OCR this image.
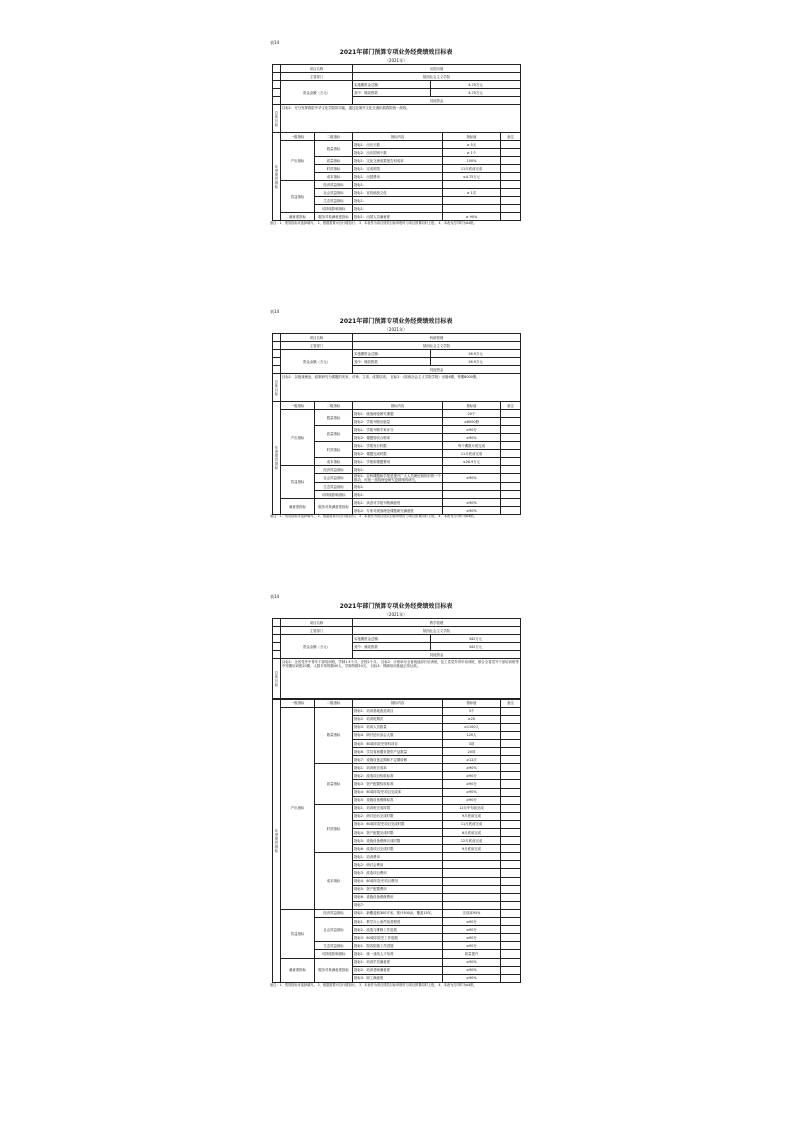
表14
2021年部门预算专项业务经费绩效目标表
（2021年）
	项目名称	出国出境	
	主管部门	陕西社会主义学院	
	资金金额（万元）	实施期资金总额：	4.75万元
		其中：财政拨款	4.75万元
		其他资金	
总体目标	目标1：充分发挥我院中华文化学院的功能，通过赴境外文化交流拓展我院统一战线。		
年度绩效指标	一级指标	二级指标	指标内容	指标值	备注
	产出指标	数量指标	指标1：出访天数	≥ 5天	
			指标2：出访国别个数	≥ 1个	
		质量指标	指标1：文化交流成果报告形成率	100%	
		时效指标	指标1：完成时限	11月底前完成	
		成本指标	指标1：出国费用	≤4.75万元	
	效益指标	经济效益指标	指标1：		
		社会效益指标	指标1：宣传统战文化	≥ 1次	
		生态效益指标	指标1：		
		可持续影响指标	指标1：		
	满意度指标	服务对象满意度指标	指标1：出国人员满意度	≥ 90%	
备注：1、绩效指标可选择填写。 2、根据需要可自行增加行。 3、本表作为项目绩效目标申报时与项目预算同时上报。 4、本表为打印时为A4纸。
表14
2021年部门预算专项业务经费绩效目标表
（2021年）
	项目名称	科研管理	
	主管部门	陕西社会主义学院	
	资金金额（万元）	实施期资金总额：	26.9万元
		其中：财政拨款	26.9万元
		其他资金	
总体目标	目标1：以统战理论、政策研究为课题的发布、评审、立项、成果结项。 目标2：《陕西社会主义学院学报》出版6期，每期8000册。		
年度绩效指标	一级指标	二级指标	指标内容	指标值	备注
	产出指标	数量指标	指标1：统战理论研究课题	20个	
			指标2：学报刊物出版量	≥8000册	
		质量指标	指标1：学报刊物专家评分	≥90分	
			指标2：课题验收合格率	≥90%	
		时效指标	指标1：学报发行时限	每个偶数月底完成	
			指标2：课题完成时限	11月底前完成	
		成本指标	指标1：学报和课题费用	≤26.9万元	
	效益指标	经济效益指标	指标1：		
		社会效益指标	指标1：社科课题和学报是提升广大人员理论和知识的一个推动，可统一战线理论研究更精细的研究。	≥90%	
		生态效益指标	指标1：		
		可持续影响指标	指标1：		
	满意度指标	服务对象满意度指标	指标1：读者对学报刊物满意度	≥90%	
			指标2：专家对统战理论课题研究满意度	≥90%	
备注：1、绩效指标可选择填写。 2、根据需要可自行增加行。 3、本表作为项目绩效目标申报时与项目预算同时上报。 4、本表为打印时为A4纸。
表14
2021年部门预算专项业务经费绩效目标表
（2021年）
	项目名称	教学管理	
	主管部门	陕西社会主义学院	
	资金金额（万元）	实施期资金总额：	342万元
		其中：财政拨款	342万元
		其他资金	
总体目标	目标1：全省党外中青年干部培训班，学制1.5个月，在校2个月。 目标2：计划举办全省统战部长培训班，及工党党外青年培训班，联合全省党外干部培训班等中短期培训班20期，人数平均每期40人，学制每期10天。 目标3：保障培训基地正常运转。		
年度绩效指标	一级指标	二级指标	指标内容	指标值	备注
	产出指标	数量指标	指标1：培训基地改造项目	3个	
			指标2：培训班期次	≥20	
			指标3：培训人员数量	≥1100人	
			指标4：研讨论坛参会人数	120人	
			指标5：60周年院史资料项目	3项	
			指标6：学员食宿服务提供产品数量	20项	
			指标7：设施设备定期和不定期检修	≥12次	
		质量指标	指标1：培训班完成率	≥90%	
			指标2：改造项目验收标准	≥90分	
			指标3：资产配置验收标准	≥90分	
			指标4：60周年院史项目完成率	≥90%	
			指标5：设施设备维修标准	≥90分	
		时效指标	指标1：培训班完成时限	12月中旬前完成	
			指标2：研讨论坛完成时限	9月底前完成	
			指标3：60周年院史项目完成时限	11月底前完成	
			指标4：资产配置完成时限	6月底前完成	
			指标5：设施设备维修完成时限	12月底前完成	
			指标6：改造项目完成时限	9月底前完成	
		成本指标	指标1：培训费用		
			指标2：研讨会费用		
			指标3：改造项目费用		
			指标4：60周年院史项目费用		
			指标5：资产配置费用		
			指标6：设施设备维修费用		
			指标7：		
	效益指标	经济效益指标	指标1：新覆盖积300平米，预计500余，覆盖15年。	完成率95%	
		社会效益指标	指标1：教学办公条件改善程度	≥90分	
			指标2：改造与维修工作进展	≥90分	
			指标3：60周年院史工作进展	≥90分	
		生态效益指标	指标1：院容院貌工作进展	≥90分	
		可持续影响指标	指标1：统一战线人才培养	质量提升	
	满意度指标	服务对象满意度指标	指标1：培训学员满意度	≥90%	
			指标2：培训老师满意度	≥90%	
			指标3：职工满意度	≥90%	
备注：1、绩效指标可选择填写。 2、根据需要可自行增加行。 3、本表作为项目绩效目标申报时与项目预算同时上报。 4、本表为打印时为A4纸。
